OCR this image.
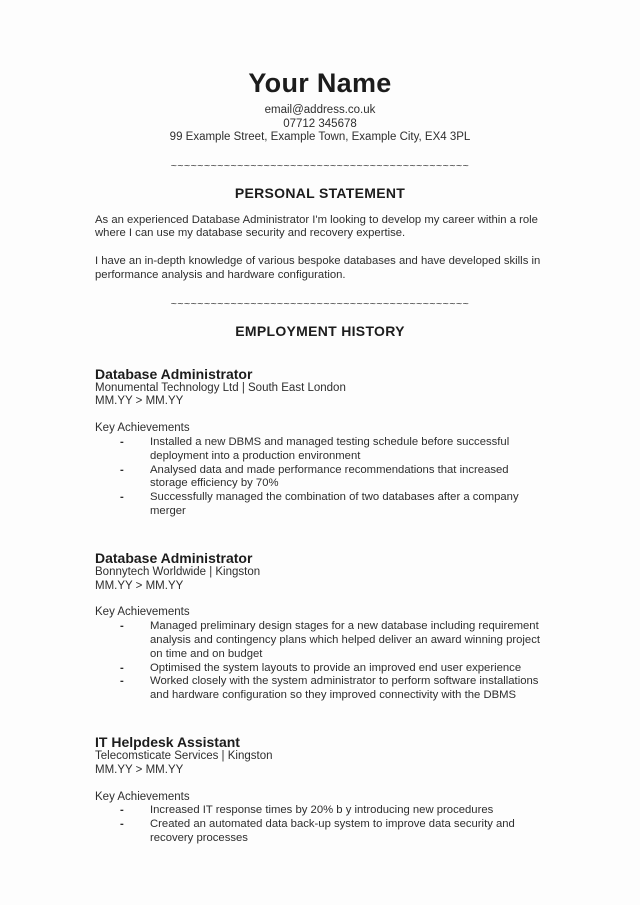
Your Name
email@address.co.uk
07712 345678
99 Example Street, Example Town, Example City, EX4 3PL
~~~~~~~~~~~~~~~~~~~~~~~~~~~~~~~~~~~~~~~~~~~~~
PERSONAL STATEMENT

As an experienced Database Administrator I'm looking to develop my career within a role where I can use my database security and recovery expertise.

I have an in-depth knowledge of various bespoke databases and have developed skills in performance analysis and hardware configuration.

~~~~~~~~~~~~~~~~~~~~~~~~~~~~~~~~~~~~~~~~~~~~~
EMPLOYMENT HISTORY
Database Administrator
Monumental Technology Ltd | South East London
MM.YY > MM.YY
Key Achievements
-	Installed a new DBMS and managed testing schedule before successful deployment into a production environment
-	Analysed data and made performance recommendations that increased storage efficiency by 70%
-	Successfully managed the combination of two databases after a company merger
Database Administrator
Bonnytech Worldwide | Kingston
MM.YY > MM.YY
Key Achievements
-	Managed preliminary design stages for a new database including requirement analysis and contingency plans which helped deliver an award winning project on time and on budget
-	Optimised the system layouts to provide an improved end user experience
-	Worked closely with the system administrator to perform software installations and hardware configuration so they improved connectivity with the DBMS
IT Helpdesk Assistant
Telecomsticate Services | Kingston
MM.YY > MM.YY
Key Achievements
-	Increased IT response times by 20% b y introducing new procedures
-	Created an automated data back-up system to improve data security and recovery processes
